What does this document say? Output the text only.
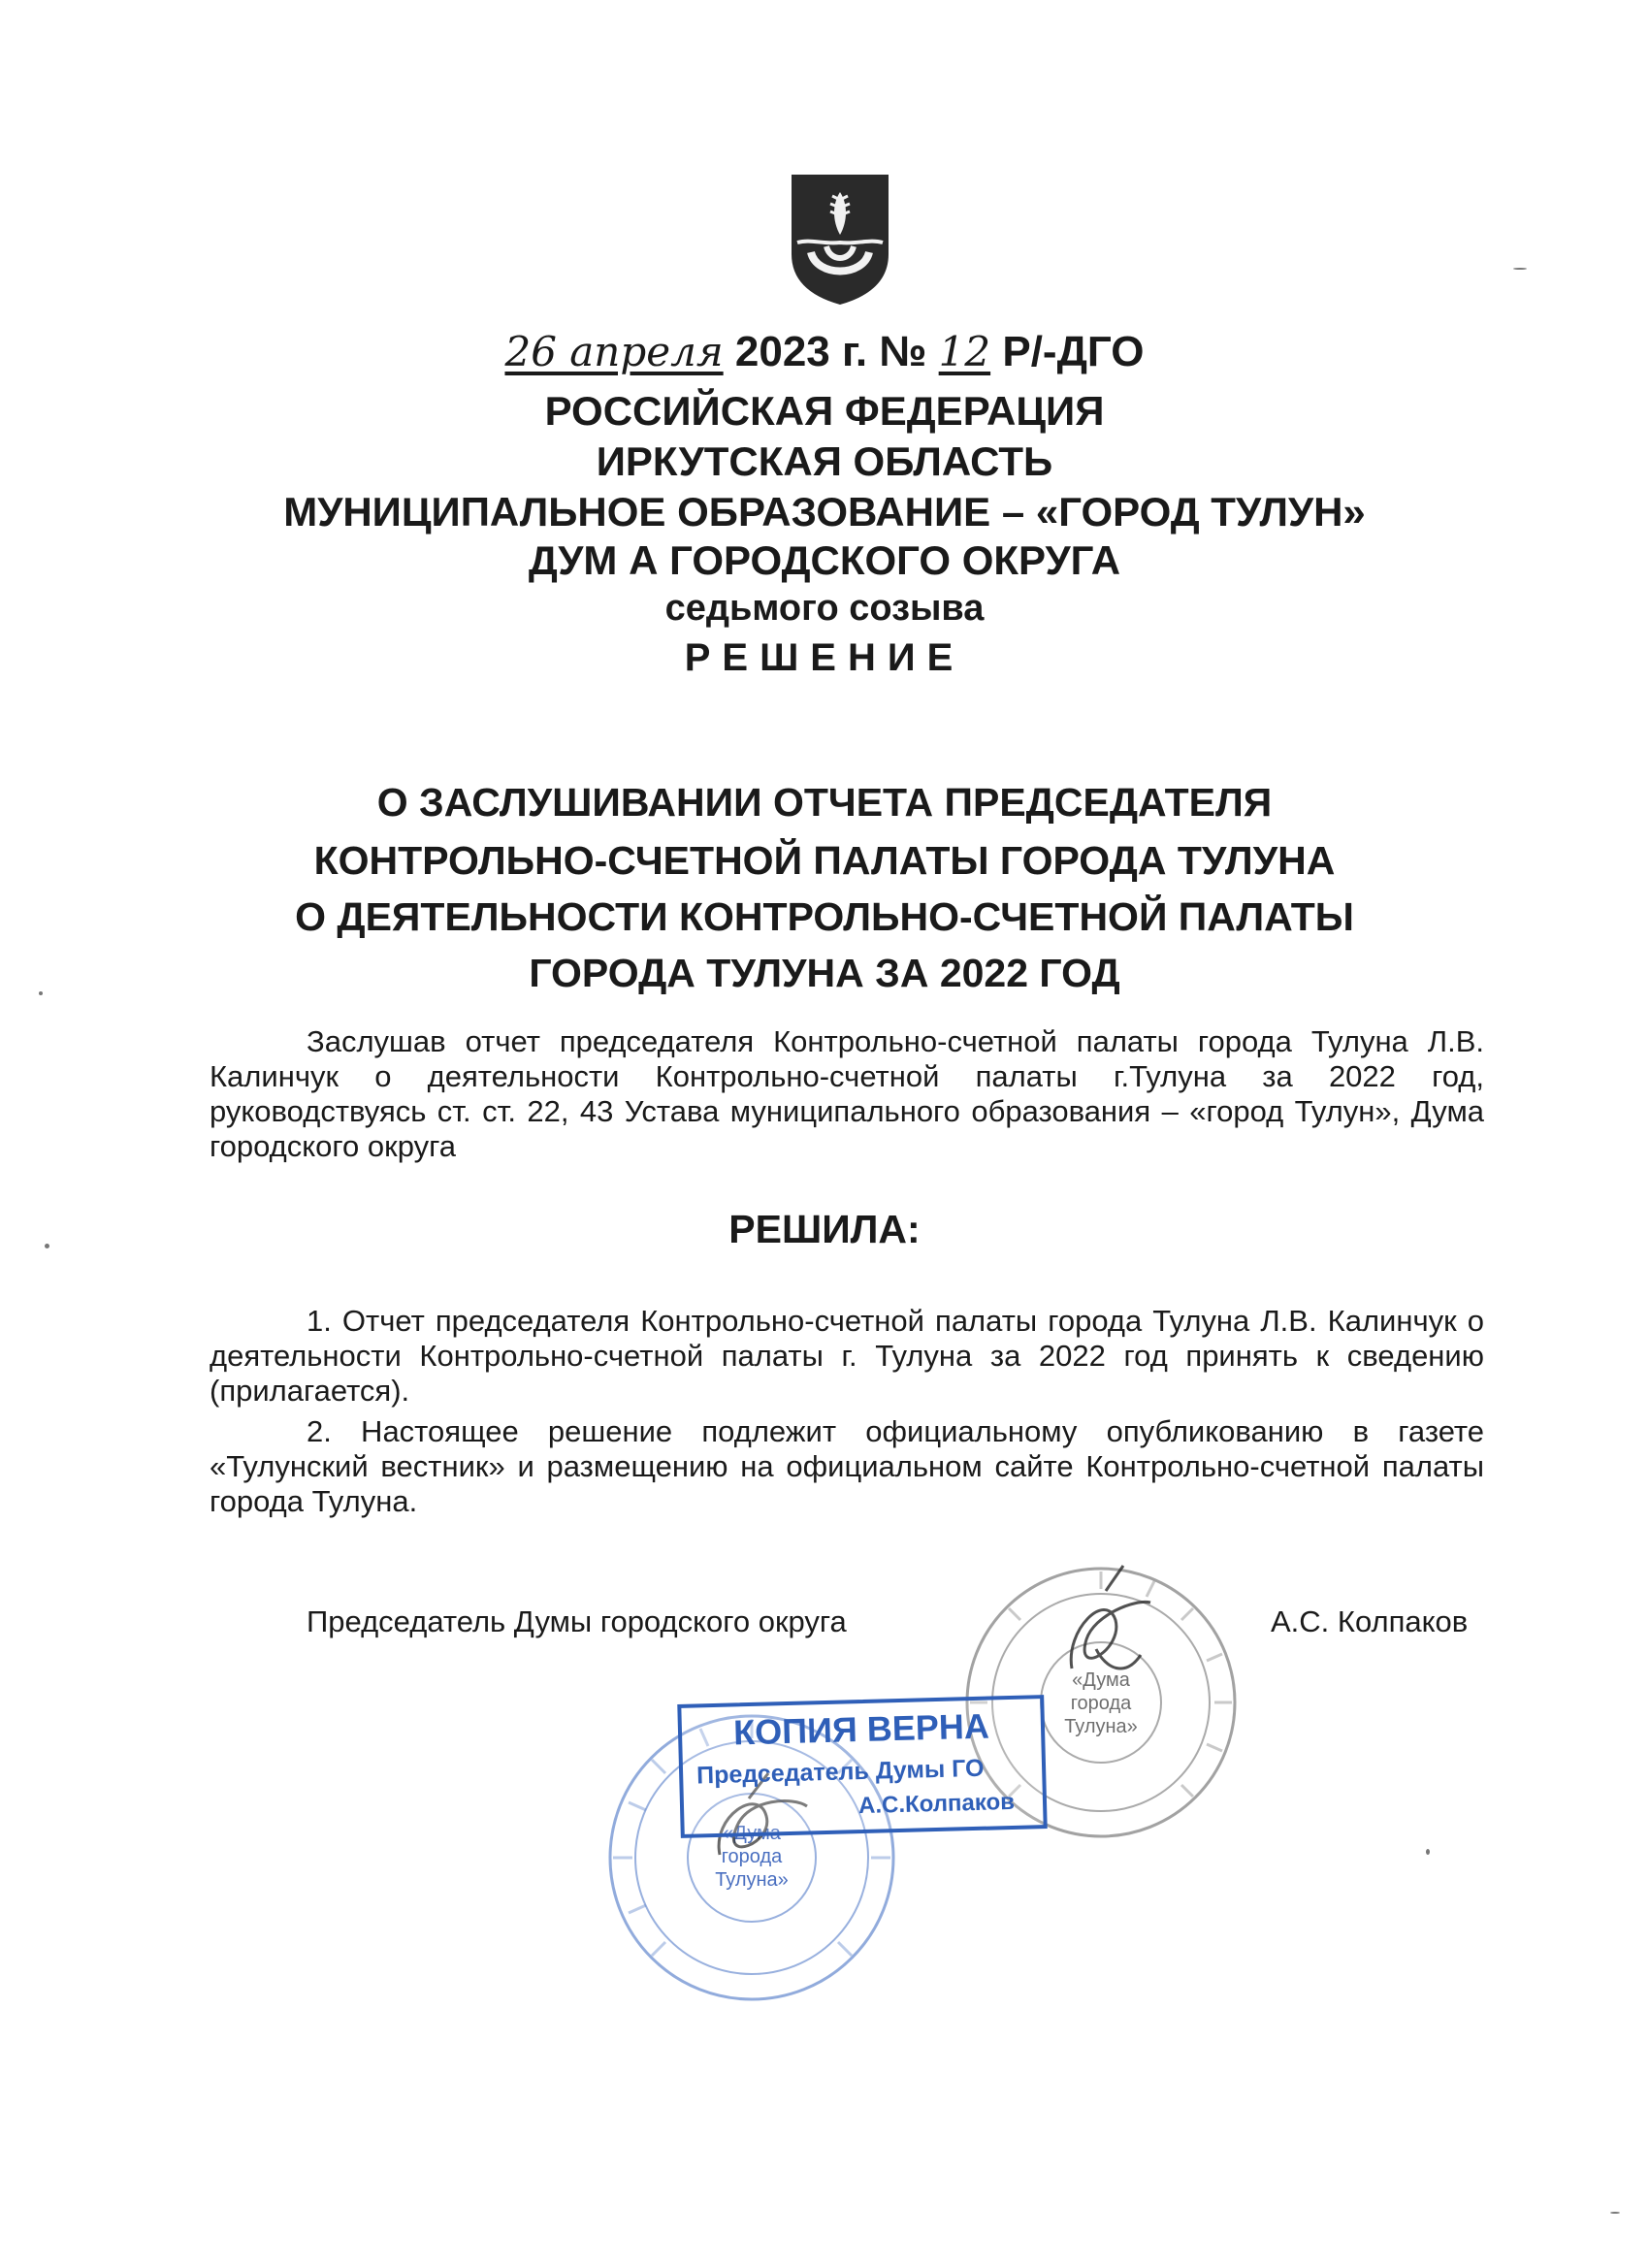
26 апреля 2023 г. № 12 Р/-ДГО
РОССИЙСКАЯ ФЕДЕРАЦИЯ
ИРКУТСКАЯ ОБЛАСТЬ
МУНИЦИПАЛЬНОЕ ОБРАЗОВАНИЕ – «ГОРОД ТУЛУН»
ДУМ А ГОРОДСКОГО ОКРУГА
седьмого созыва
РЕШЕНИЕ
О ЗАСЛУШИВАНИИ ОТЧЕТА ПРЕДСЕДАТЕЛЯ
КОНТРОЛЬНО-СЧЕТНОЙ ПАЛАТЫ ГОРОДА ТУЛУНА
О ДЕЯТЕЛЬНОСТИ КОНТРОЛЬНО-СЧЕТНОЙ ПАЛАТЫ
ГОРОДА ТУЛУНА ЗА 2022 ГОД
Заслушав отчет председателя Контрольно-счетной палаты города Тулуна Л.В. Калинчук о деятельности Контрольно-счетной палаты г.Тулуна за 2022 год, руководствуясь ст. ст. 22, 43 Устава муниципального образования – «город Тулун», Дума городского округа
РЕШИЛА:
1. Отчет председателя Контрольно-счетной палаты города Тулуна Л.В. Калинчук о деятельности Контрольно-счетной палаты г. Тулуна за 2022 год принять к сведению (прилагается).
2. Настоящее решение подлежит официальному опубликованию в газете «Тулунский вестник» и размещению на официальном сайте Контрольно-счетной палаты города Тулуна.
Председатель Думы городского округа	А.С. Колпаков
«Дума города Тулуна»
«Дума города Тулуна»
КОПИЯ ВЕРНА
Председатель Думы ГО
А.С.Колпаков
